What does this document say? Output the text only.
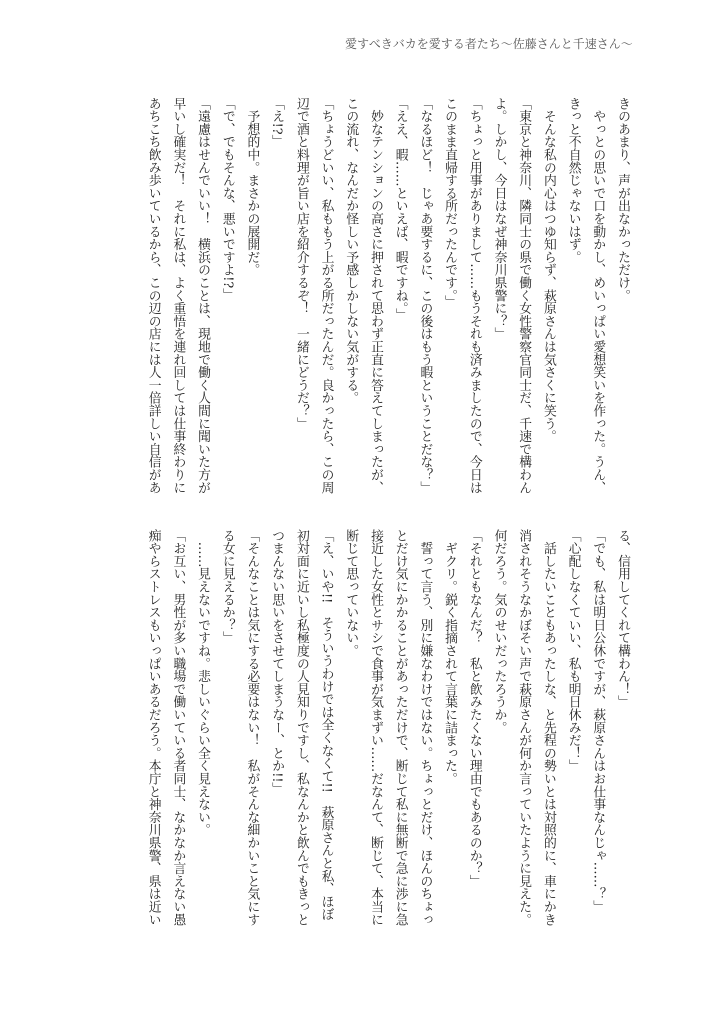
愛すべきバカを愛する者たち〜佐藤さんと千速さん〜
きのあまり、声が出なかっただけ。
　やっとの思いで口を動かし、めいっぱい愛想笑いを作った。うん、
きっと不自然じゃないはず。
　そんな私の内心はつゆ知らず、萩原さんは気さくに笑う。
「東京と神奈川、隣同士の県で働く女性警察官同士だ、千速で構わん
よ。しかし、今日はなぜ神奈川県警に？」
「ちょっと用事がありまして……もうそれも済みましたので、今日は
このまま直帰する所だったんです。」
「なるほど！　じゃあ要するに、この後はもう暇ということだな？」
「ええ、暇……といえば、暇ですね。」
　妙なテンションの高さに押されて思わず正直に答えてしまったが、
この流れ、なんだか怪しい予感しかしない気がする。
「ちょうどいい、私ももう上がる所だったんだ。良かったら、この周
辺で酒と料理が旨い店を紹介するぞ！　一緒にどうだ？」
「え!?」
　予想的中。まさかの展開だ。
「で、でもそんな、悪いですよ!?」
「遠慮はせんでいい！　横浜のことは、現地で働く人間に聞いた方が
早いし確実だ！　それに私は、よく重悟を連れ回しては仕事終わりに
あちこち飲み歩いているから、この辺の店には人一倍詳しい自信があ
る、信用してくれて構わん！」
「でも、私は明日公休ですが、萩原さんはお仕事なんじゃ……？」
「心配しなくていい、私も明日休みだ！」
　話したいこともあったしな、と先程の勢いとは対照的に、車にかき
消されそうなかぼそい声で萩原さんが何か言っていたように見えた。
何だろう。気のせいだったろうか。
「それともなんだ？　私と飲みたくない理由でもあるのか？」
　ギクリ。鋭く指摘されて言葉に詰まった。
　誓って言う、別に嫌なわけではない。ちょっとだけ、ほんのちょっ
とだけ気にかかることがあっただけで、断じて私に無断で急に渉に急
接近した女性とサシで食事が気まずい……だなんて、断じて、本当に
断じて思っていない。
「え、いや!!　そういうわけでは全くなくて!!　萩原さんと私、ほぼ
初対面に近いし私極度の人見知りですし、私なんかと飲んでもきっと
つまんない思いをさせてしまうなー、とか!!」
「そんなことは気にする必要はない！　私がそんな細かいこと気にす
る女に見えるか？」
　……見えないですね。悲しいぐらい全く見えない。
「お互い、男性が多い職場で働いている者同士、なかなか言えない愚
痴やらストレスもいっぱいあるだろう。本庁と神奈川県警、県は近い
